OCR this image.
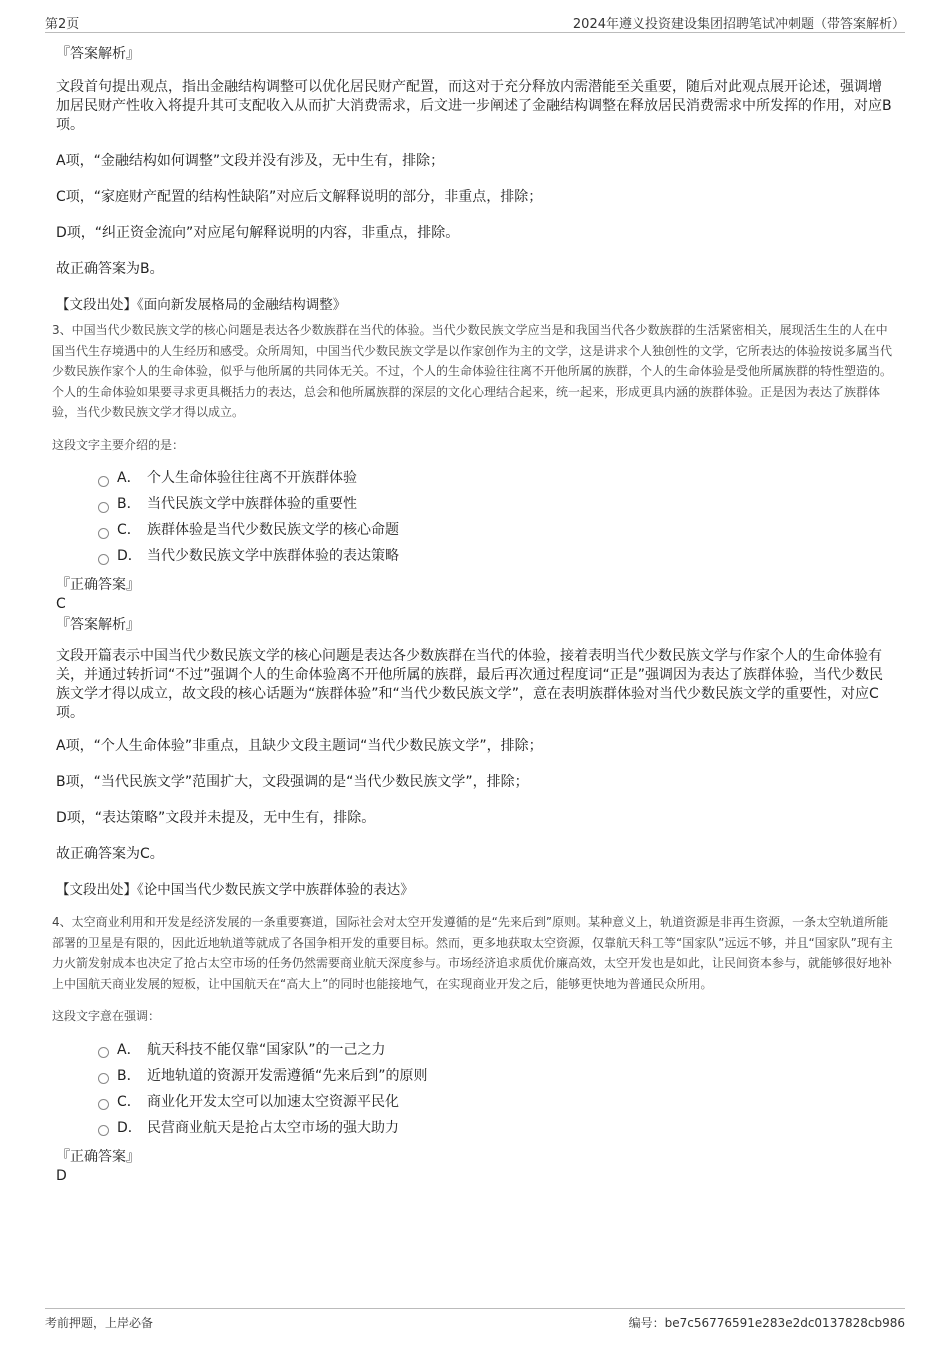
第2页	2024年遵义投资建设集团招聘笔试冲刺题（带答案解析）

『答案解析』

文段首句提出观点，指出金融结构调整可以优化居民财产配置，而这对于充分释放内需潜能至关重要，随后对此观点展开论述，强调增加居民财产性收入将提升其可支配收入从而扩大消费需求，后文进一步阐述了金融结构调整在释放居民消费需求中所发挥的作用，对应B项。

A项，“金融结构如何调整”文段并没有涉及，无中生有，排除；

C项，“家庭财产配置的结构性缺陷”对应后文解释说明的部分，非重点，排除；

D项，“纠正资金流向”对应尾句解释说明的内容，非重点，排除。

故正确答案为B。

【文段出处】《面向新发展格局的金融结构调整》

3、中国当代少数民族文学的核心问题是表达各少数族群在当代的体验。当代少数民族文学应当是和我国当代各少数族群的生活紧密相关，展现活生生的人在中国当代生存境遇中的人生经历和感受。众所周知，中国当代少数民族文学是以作家创作为主的文学，这是讲求个人独创性的文学，它所表达的体验按说多属当代少数民族作家个人的生命体验，似乎与他所属的共同体无关。不过，个人的生命体验往往离不开他所属的族群，个人的生命体验是受他所属族群的特性塑造的。个人的生命体验如果要寻求更具概括力的表达，总会和他所属族群的深层的文化心理结合起来，统一起来，形成更具内涵的族群体验。正是因为表达了族群体验，当代少数民族文学才得以成立。

这段文字主要介绍的是：

A． 个人生命体验往往离不开族群体验
B． 当代民族文学中族群体验的重要性
C． 族群体验是当代少数民族文学的核心命题
D． 当代少数民族文学中族群体验的表达策略

『正确答案』

C

『答案解析』

文段开篇表示中国当代少数民族文学的核心问题是表达各少数族群在当代的体验，接着表明当代少数民族文学与作家个人的生命体验有关，并通过转折词“不过”强调个人的生命体验离不开他所属的族群，最后再次通过程度词“正是”强调因为表达了族群体验，当代少数民族文学才得以成立，故文段的核心话题为“族群体验”和“当代少数民族文学”，意在表明族群体验对当代少数民族文学的重要性，对应C项。

A项，“个人生命体验”非重点，且缺少文段主题词“当代少数民族文学”，排除；

B项，“当代民族文学”范围扩大，文段强调的是“当代少数民族文学”，排除；

D项，“表达策略”文段并未提及，无中生有，排除。

故正确答案为C。

【文段出处】《论中国当代少数民族文学中族群体验的表达》

4、太空商业利用和开发是经济发展的一条重要赛道，国际社会对太空开发遵循的是“先来后到”原则。某种意义上，轨道资源是非再生资源，一条太空轨道所能部署的卫星是有限的，因此近地轨道等就成了各国争相开发的重要目标。然而，更多地获取太空资源，仅靠航天科工等“国家队”远远不够，并且“国家队”现有主力火箭发射成本也决定了抢占太空市场的任务仍然需要商业航天深度参与。市场经济追求质优价廉高效，太空开发也是如此，让民间资本参与，就能够很好地补上中国航天商业发展的短板，让中国航天在“高大上”的同时也能接地气，在实现商业开发之后，能够更快地为普通民众所用。

这段文字意在强调：

A． 航天科技不能仅靠“国家队”的一己之力
B． 近地轨道的资源开发需遵循“先来后到”的原则
C． 商业化开发太空可以加速太空资源平民化
D． 民营商业航天是抢占太空市场的强大助力

『正确答案』

D

考前押题，上岸必备	编号：be7c56776591e283e2dc0137828cb986
